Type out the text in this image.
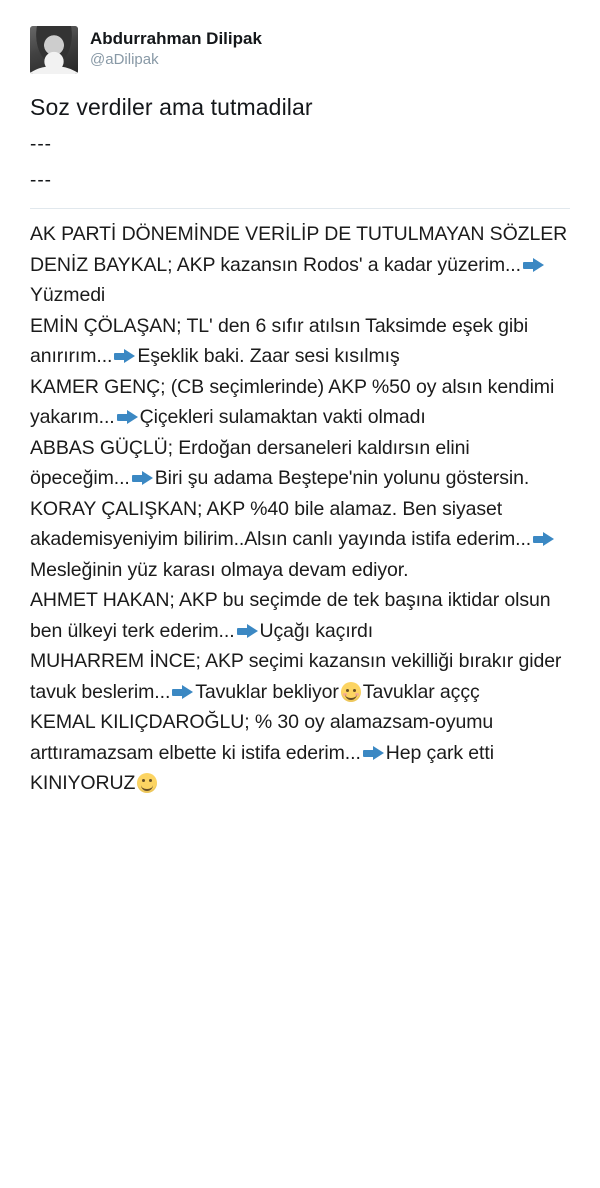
Abdurrahman Dilipak
@aDilipak
Soz verdiler ama tutmadilar
---
---

AK PARTİ DÖNEMİNDE VERİLİP DE TUTULMAYAN SÖZLER

DENİZ BAYKAL; AKP kazansın Rodos' a kadar yüzerim...
Yüzmedi

EMİN ÇÖLAŞAN; TL' den 6 sıfır atılsın Taksimde eşek gibi anırırım... Eşeklik baki. Zaar sesi kısılmış

KAMER GENÇ; (CB seçimlerinde) AKP %50 oy alsın kendimi yakarım... Çiçekleri sulamaktan vakti olmadı

ABBAS GÜÇLÜ; Erdoğan dersaneleri kaldırsın elini öpeceğim... Biri şu adama Beştepe'nin yolunu göstersin.

KORAY ÇALIŞKAN; AKP %40 bile alamaz. Ben siyaset akademisyeniyim bilirim..Alsın canlı yayında istifa ederim...
Mesleğinin yüz karası olmaya devam ediyor.

AHMET HAKAN; AKP bu seçimde de tek başına iktidar olsun ben ülkeyi terk ederim... Uçağı kaçırdı

MUHARREM İNCE; AKP seçimi kazansın vekilliği bırakır gider tavuk beslerim... Tavuklar bekliyor Tavuklar aççç

KEMAL KILIÇDAROĞLU; % 30 oy alamazsam-oyumu arttıramazsam elbette ki istifa ederim... Hep çark etti

KINIYORUZ
